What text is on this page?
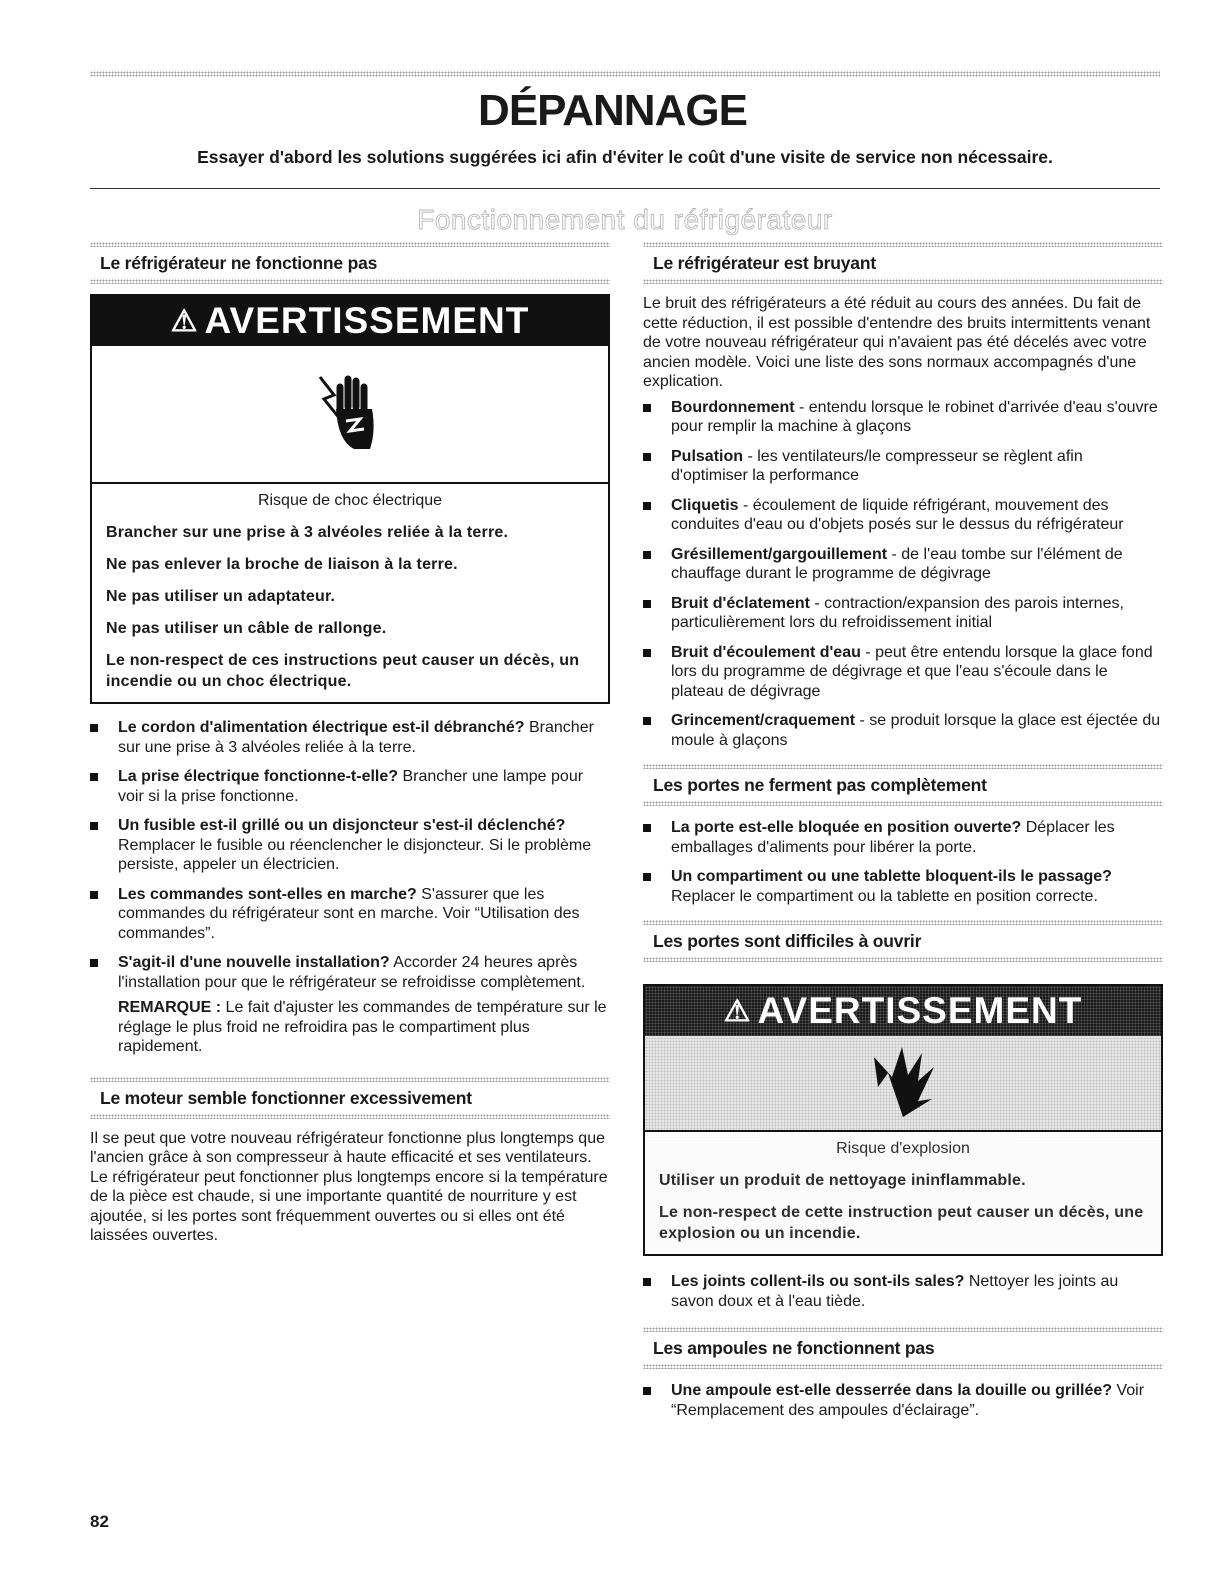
DÉPANNAGE
Essayer d'abord les solutions suggérées ici afin d'éviter le coût d'une visite de service non nécessaire.
Fonctionnement du réfrigérateur
Le réfrigérateur ne fonctionne pas
⚠ AVERTISSEMENT
Risque de choc électrique
Brancher sur une prise à 3 alvéoles reliée à la terre.
Ne pas enlever la broche de liaison à la terre.
Ne pas utiliser un adaptateur.
Ne pas utiliser un câble de rallonge.
Le non-respect de ces instructions peut causer un décès, un incendie ou un choc électrique.
Le cordon d'alimentation électrique est-il débranché? Brancher sur une prise à 3 alvéoles reliée à la terre.
La prise électrique fonctionne-t-elle? Brancher une lampe pour voir si la prise fonctionne.
Un fusible est-il grillé ou un disjoncteur s'est-il déclenché? Remplacer le fusible ou réenclencher le disjoncteur. Si le problème persiste, appeler un électricien.
Les commandes sont-elles en marche? S'assurer que les commandes du réfrigérateur sont en marche. Voir “Utilisation des commandes”.
S'agit-il d'une nouvelle installation? Accorder 24 heures après l'installation pour que le réfrigérateur se refroidisse complètement.
REMARQUE : Le fait d'ajuster les commandes de température sur le réglage le plus froid ne refroidira pas le compartiment plus rapidement.
Le moteur semble fonctionner excessivement

Il se peut que votre nouveau réfrigérateur fonctionne plus longtemps que l'ancien grâce à son compresseur à haute efficacité et ses ventilateurs. Le réfrigérateur peut fonctionner plus longtemps encore si la température de la pièce est chaude, si une importante quantité de nourriture y est ajoutée, si les portes sont fréquemment ouvertes ou si elles ont été laissées ouvertes.

Le réfrigérateur est bruyant

Le bruit des réfrigérateurs a été réduit au cours des années. Du fait de cette réduction, il est possible d'entendre des bruits intermittents venant de votre nouveau réfrigérateur qui n'avaient pas été décelés avec votre ancien modèle. Voici une liste des sons normaux accompagnés d'une explication.

Bourdonnement - entendu lorsque le robinet d'arrivée d'eau s'ouvre pour remplir la machine à glaçons
Pulsation - les ventilateurs/le compresseur se règlent afin d'optimiser la performance
Cliquetis - écoulement de liquide réfrigérant, mouvement des conduites d'eau ou d'objets posés sur le dessus du réfrigérateur
Grésillement/gargouillement - de l'eau tombe sur l'élément de chauffage durant le programme de dégivrage
Bruit d'éclatement - contraction/expansion des parois internes, particulièrement lors du refroidissement initial
Bruit d'écoulement d'eau - peut être entendu lorsque la glace fond lors du programme de dégivrage et que l'eau s'écoule dans le plateau de dégivrage
Grincement/craquement - se produit lorsque la glace est éjectée du moule à glaçons
Les portes ne ferment pas complètement
La porte est-elle bloquée en position ouverte? Déplacer les emballages d'aliments pour libérer la porte.
Un compartiment ou une tablette bloquent-ils le passage? Replacer le compartiment ou la tablette en position correcte.
Les portes sont difficiles à ouvrir
⚠ AVERTISSEMENT
Risque d'explosion
Utiliser un produit de nettoyage ininflammable.
Le non-respect de cette instruction peut causer un décès, une explosion ou un incendie.
Les joints collent-ils ou sont-ils sales? Nettoyer les joints au savon doux et à l'eau tiède.
Les ampoules ne fonctionnent pas
Une ampoule est-elle desserrée dans la douille ou grillée? Voir “Remplacement des ampoules d'éclairage”.
82
